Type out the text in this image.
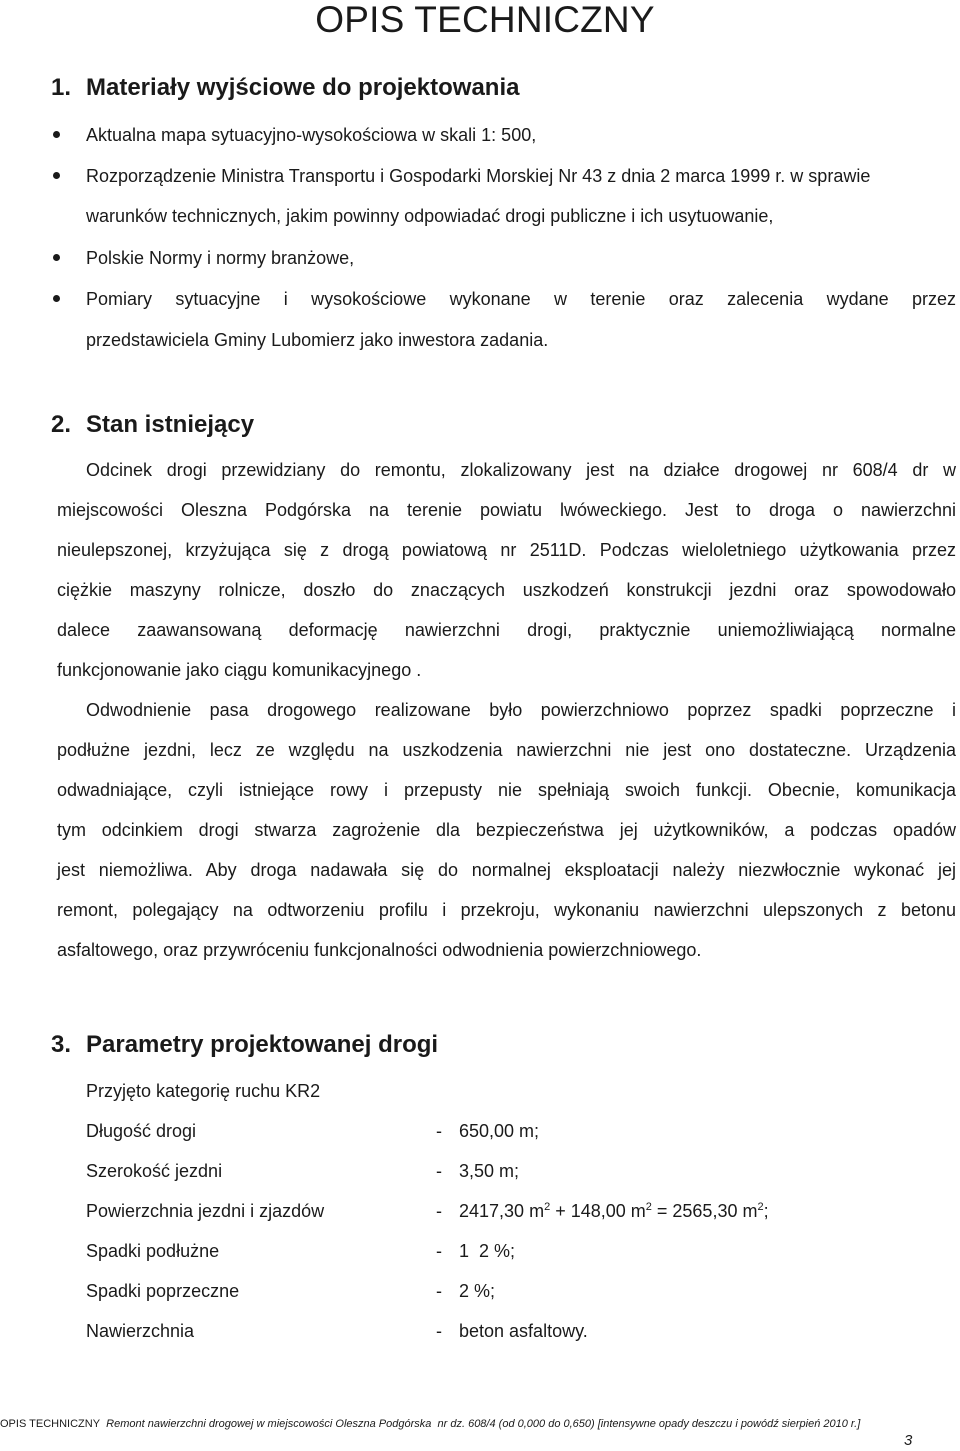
OPIS TECHNICZNY
1. Materiały wyjściowe do projektowania
Aktualna mapa sytuacyjno-wysokościowa w skali 1: 500,
Rozporządzenie Ministra Transportu i Gospodarki Morskiej Nr 43 z dnia 2 marca 1999 r. w sprawie
warunków technicznych, jakim powinny odpowiadać drogi publiczne i ich usytuowanie,
Polskie Normy i normy branżowe,
Pomiary sytuacyjne i wysokościowe wykonane w terenie oraz zalecenia wydane przez
przedstawiciela Gminy Lubomierz jako inwestora zadania.
2. Stan istniejący
Odcinek drogi przewidziany do remontu, zlokalizowany jest na działce drogowej nr 608/4 dr w
miejscowości Oleszna Podgórska na terenie powiatu lwóweckiego. Jest to droga o nawierzchni
nieulepszonej, krzyżująca się z drogą powiatową nr 2511D. Podczas wieloletniego użytkowania przez
ciężkie maszyny rolnicze, doszło do znaczących uszkodzeń konstrukcji jezdni oraz spowodowało
dalece zaawansowaną deformację nawierzchni drogi, praktycznie uniemożliwiającą normalne
funkcjonowanie jako ciągu komunikacyjnego .
Odwodnienie pasa drogowego realizowane było powierzchniowo poprzez spadki poprzeczne i
podłużne jezdni, lecz ze względu na uszkodzenia nawierzchni nie jest ono dostateczne. Urządzenia
odwadniające, czyli istniejące rowy i przepusty nie spełniają swoich funkcji. Obecnie, komunikacja
tym odcinkiem drogi stwarza zagrożenie dla bezpieczeństwa jej użytkowników, a podczas opadów
jest niemożliwa. Aby droga nadawała się do normalnej eksploatacji należy niezwłocznie wykonać jej
remont, polegający na odtworzeniu profilu i przekroju, wykonaniu nawierzchni ulepszonych z betonu
asfaltowego, oraz przywróceniu funkcjonalności odwodnienia powierzchniowego.
3. Parametry projektowanej drogi
Przyjęto kategorię ruchu KR2
Długość drogi	- 650,00 m;
Szerokość jezdni	- 3,50 m;
Powierzchnia jezdni i zjazdów	- 2417,30 $m^2 + 148,00$ $m^2 = 2565,30$ $m^2$;
Spadki podłużne	- 1  2 %;
Spadki poprzeczne	- 2 %;
Nawierzchnia	- beton asfaltowy.
OPIS TECHNICZNY  Remont nawierzchni drogowej w miejscowości Oleszna Podgórska  nr dz. 608/4 (od 0,000 do 0,650) [intensywne opady deszczu i powódź sierpień 2010 r.]
3
